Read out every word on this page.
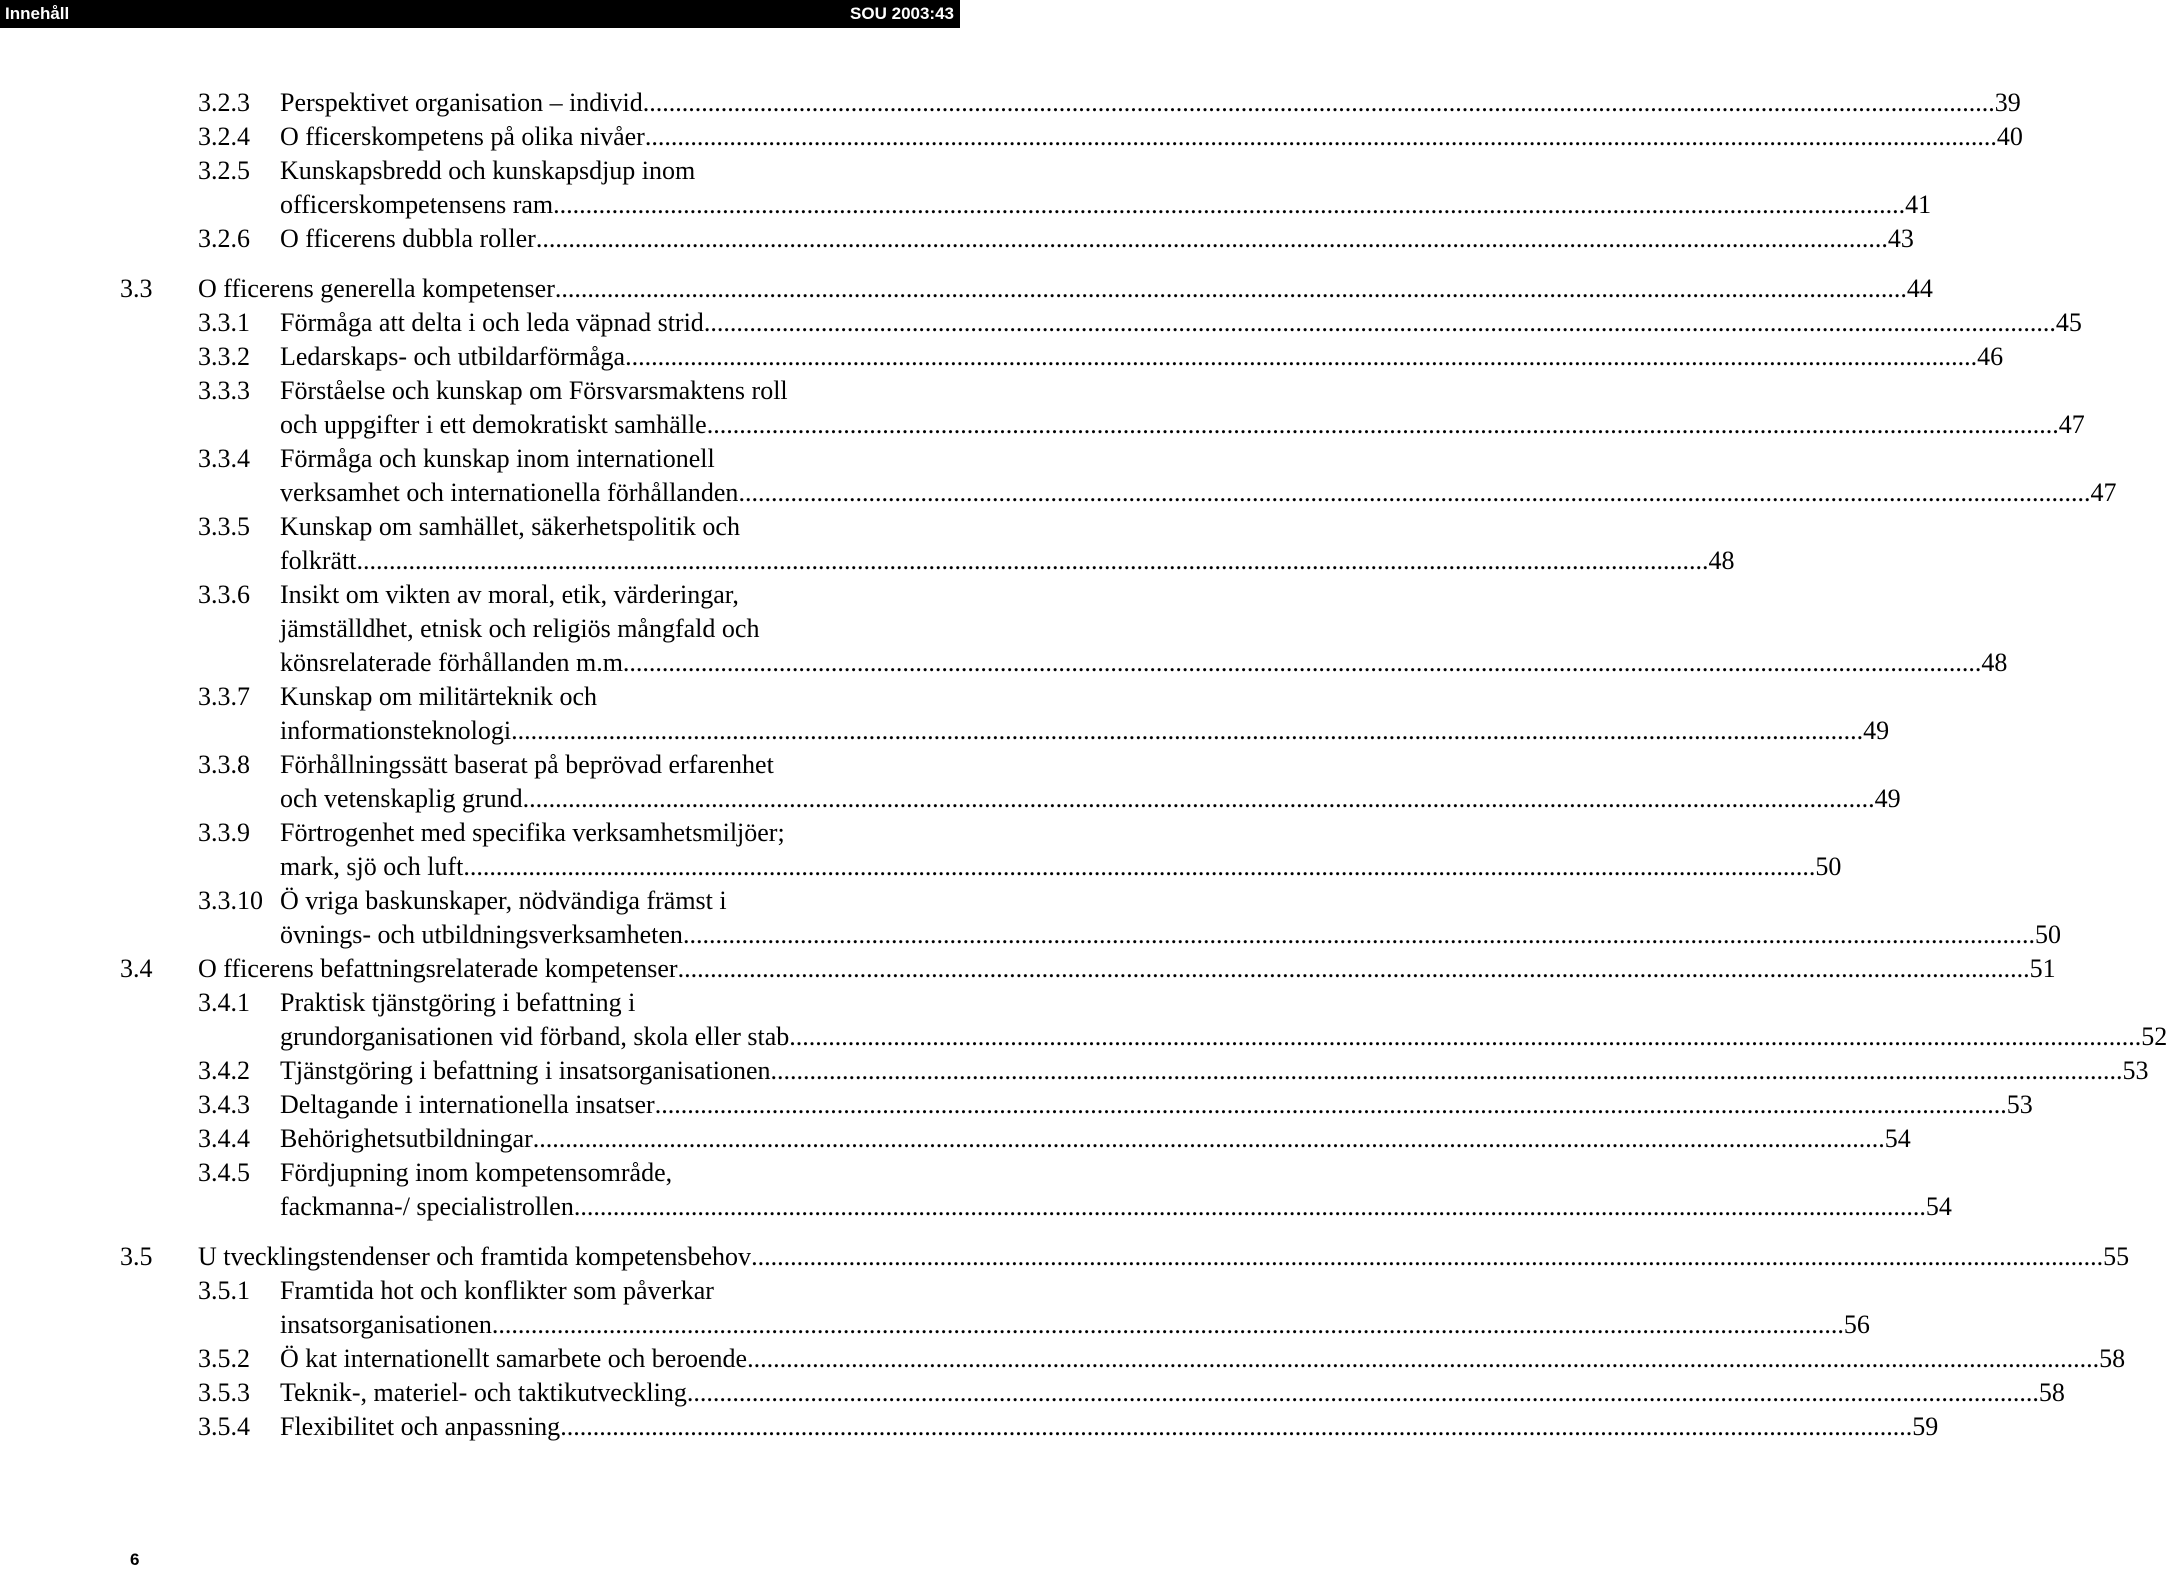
Innehåll	SOU 2003:43
3.2.3 Perspektivet organisation – individ ................................................................................................................................................................................................................ 39
3.2.4 O fficerskompetens på olika nivåer ................................................................................................................................................................................................................ 40
3.2.5 Kunskapsbredd och kunskapsdjup inom
officerskompetensens ram ................................................................................................................................................................................................................ 41
3.2.6 O fficerens dubbla roller ................................................................................................................................................................................................................ 43
3.3 O fficerens generella kompetenser ................................................................................................................................................................................................................ 44
3.3.1 Förmåga att delta i och leda väpnad strid ................................................................................................................................................................................................................ 45
3.3.2 Ledarskaps- och utbildarförmåga ................................................................................................................................................................................................................ 46
3.3.3 Förståelse och kunskap om Försvarsmaktens roll
och uppgifter i ett demokratiskt samhälle ................................................................................................................................................................................................................ 47
3.3.4 Förmåga och kunskap inom internationell
verksamhet och internationella förhållanden ................................................................................................................................................................................................................ 47
3.3.5 Kunskap om samhället, säkerhetspolitik och
folkrätt ................................................................................................................................................................................................................ 48
3.3.6 Insikt om vikten av moral, etik, värderingar,
jämställdhet, etnisk och religiös mångfald och
könsrelaterade förhållanden m.m. ................................................................................................................................................................................................................ 48
3.3.7 Kunskap om militärteknik och
informationsteknologi ................................................................................................................................................................................................................ 49
3.3.8 Förhållningssätt baserat på beprövad erfarenhet
och vetenskaplig grund ................................................................................................................................................................................................................ 49
3.3.9 Förtrogenhet med specifika verksamhetsmiljöer;
mark, sjö och luft ................................................................................................................................................................................................................ 50
3.3.10 Ö vriga baskunskaper, nödvändiga främst i
övnings- och utbildningsverksamheten ................................................................................................................................................................................................................ 50
3.4 O fficerens befattningsrelaterade kompetenser ................................................................................................................................................................................................................ 51
3.4.1 Praktisk tjänstgöring i befattning i
grundorganisationen vid förband, skola eller stab ................................................................................................................................................................................................................ 52
3.4.2 Tjänstgöring i befattning i insatsorganisationen ................................................................................................................................................................................................................ 53
3.4.3 Deltagande i internationella insatser ................................................................................................................................................................................................................ 53
3.4.4 Behörighetsutbildningar ................................................................................................................................................................................................................ 54
3.4.5 Fördjupning inom kompetensområde,
fackmanna-/ specialistrollen ................................................................................................................................................................................................................ 54
3.5 U tvecklingstendenser och framtida kompetensbehov ................................................................................................................................................................................................................ 55
3.5.1 Framtida hot och konflikter som påverkar
insatsorganisationen ................................................................................................................................................................................................................ 56
3.5.2 Ö kat internationellt samarbete och beroende ................................................................................................................................................................................................................ 58
3.5.3 Teknik-, materiel- och taktikutveckling ................................................................................................................................................................................................................ 58
3.5.4 Flexibilitet och anpassning ................................................................................................................................................................................................................ 59
6
